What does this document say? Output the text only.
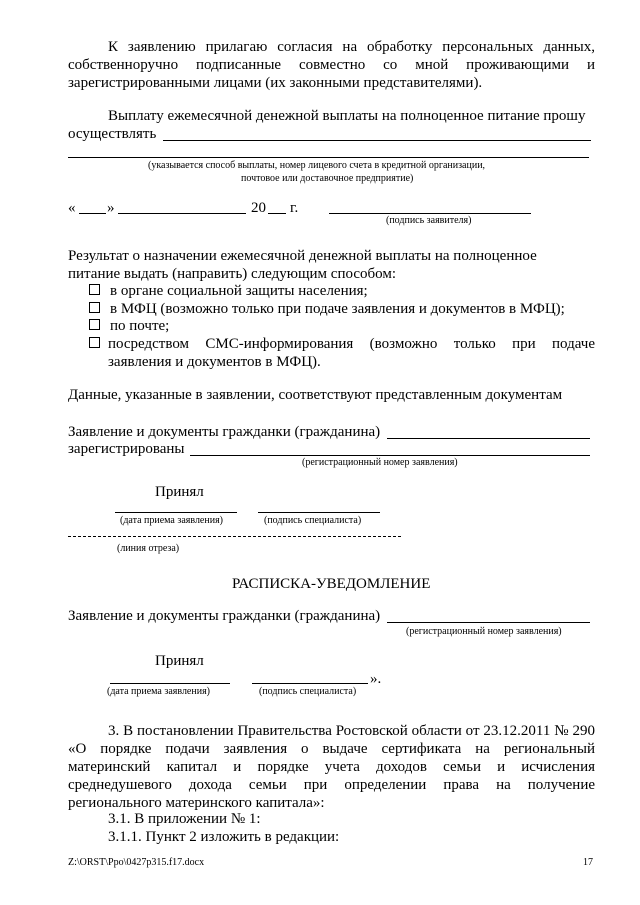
К заявлению прилагаю согласия на обработку персональных данных,
собственноручно подписанные совместно со мной проживающими и
зарегистрированными лицами (их законными представителями).
Выплату ежемесячной денежной выплаты на полноценное питание прошу
осуществлять
(указывается способ выплаты, номер лицевого счета в кредитной организации,
почтовое или доставочное предприятие)
« »	20 г.
(подпись заявителя)
Результат о назначении ежемесячной денежной выплаты на полноценное
питание выдать (направить) следующим способом:
в органе социальной защиты населения;
в МФЦ (возможно только при подаче заявления и документов в МФЦ);
по почте;
посредством СМС-информирования (возможно только при подаче
заявления и документов в МФЦ).
Данные, указанные в заявлении, соответствуют представленным документам
Заявление и документы гражданки (гражданина)
зарегистрированы
(регистрационный номер заявления)
Принял
(дата приема заявления)	(подпись специалиста)
(линия отреза)
РАСПИСКА-УВЕДОМЛЕНИЕ
Заявление и документы гражданки (гражданина)
(регистрационный номер заявления)
Принял
».
(дата приема заявления)	(подпись специалиста)
3. В постановлении Правительства Ростовской области от 23.12.2011 № 290
«О порядке подачи заявления о выдаче сертификата на региональный
материнский капитал и порядке учета доходов семьи и исчисления
среднедушевого дохода семьи при определении права на получение
регионального материнского капитала»:
3.1. В приложении № 1:
3.1.1. Пункт 2 изложить в редакции:
Z:\ORST\Ppo\0427p315.f17.docx	17
